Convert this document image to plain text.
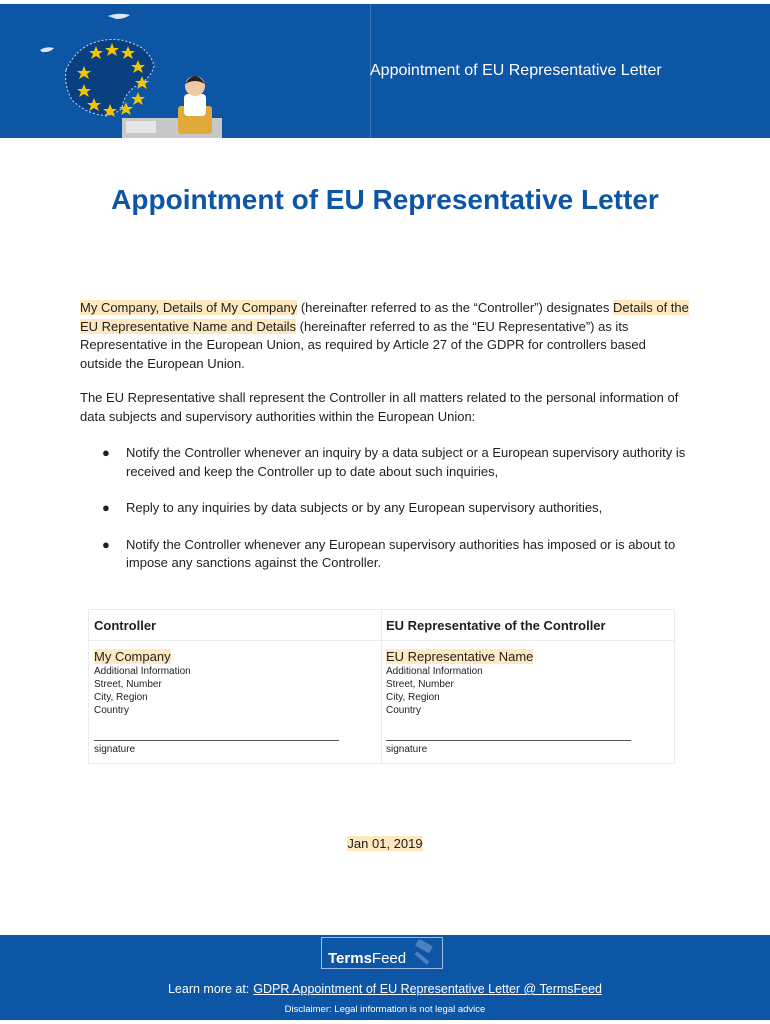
Appointment of EU Representative Letter
Appointment of EU Representative Letter

My Company, Details of My Company (hereinafter referred to as the “Controller”) designates Details of the EU Representative Name and Details (hereinafter referred to as the “EU Representative”) as its Representative in the European Union, as required by Article 27 of the GDPR for controllers based outside the European Union.

The EU Representative shall represent the Controller in all matters related to the personal information of data subjects and supervisory authorities within the European Union:

● Notify the Controller whenever an inquiry by a data subject or a European supervisory authority is received and keep the Controller up to date about such inquiries,
● Reply to any inquiries by data subjects or by any European supervisory authorities,
● Notify the Controller whenever any European supervisory authorities has imposed or is about to impose any sanctions against the Controller.
Controller
My Company
Additional Information
Street, Number
City, Region
Country
signature
EU Representative of the Controller
EU Representative Name
Additional Information
Street, Number
City, Region
Country
signature
Jan 01, 2019
TermsFeed
Learn more at: GDPR Appointment of EU Representative Letter @ TermsFeed
Disclaimer: Legal information is not legal advice
